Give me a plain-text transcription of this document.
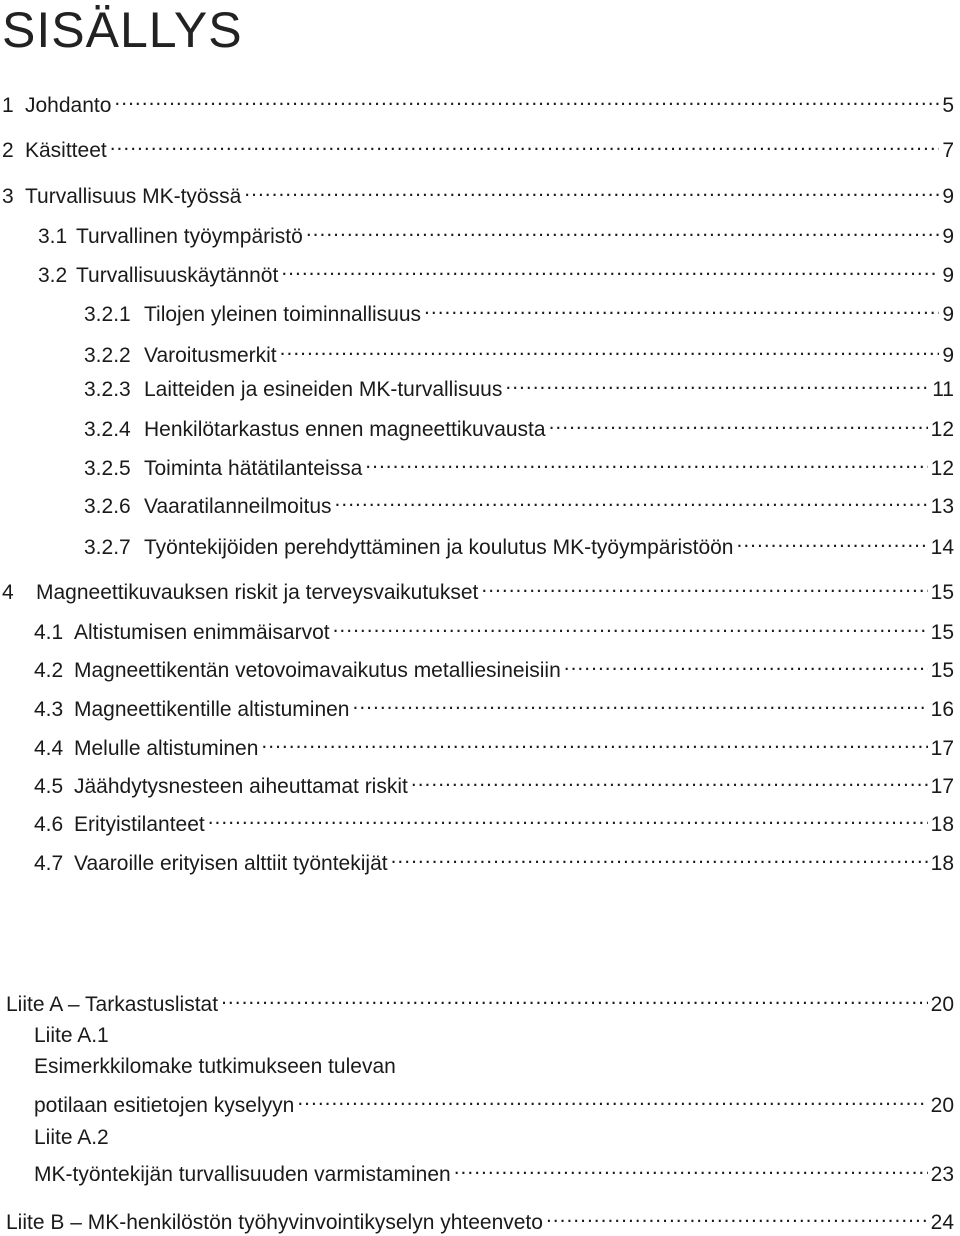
SISÄLLYS
1 Johdanto .....	5
2 Käsitteet .....	7
3 Turvallisuus MK-työssä .....	9
3.1 Turvallinen työympäristö .....	9
3.2 Turvallisuuskäytännöt .....	9
3.2.1 Tilojen yleinen toiminnallisuus .....	9
3.2.2 Varoitusmerkit .....	9
3.2.3 Laitteiden ja esineiden MK-turvallisuus .....	11
3.2.4 Henkilötarkastus ennen magneettikuvausta .....	12
3.2.5 Toiminta hätätilanteissa .....	12
3.2.6 Vaaratilanneilmoitus .....	13
3.2.7 Työntekijöiden perehdyttäminen ja koulutus MK-työympäristöön .....	14
4	Magneettikuvauksen riskit ja terveysvaikutukset .....	15
4.1 Altistumisen enimmäisarvot .....	15
4.2 Magneettikentän vetovoimavaikutus metalliesineisiin .....	15
4.3 Magneettikentille altistuminen .....	16
4.4 Melulle altistuminen .....	17
4.5 Jäähdytysnesteen aiheuttamat riskit .....	17
4.6 Erityistilanteet .....	18
4.7 Vaaroille erityisen alttiit työntekijät .....	18
Liite A – Tarkastuslistat .....	20
Liite A.1
Esimerkkilomake tutkimukseen tulevan
potilaan esitietojen kyselyyn .....	20
Liite A.2
MK-työntekijän turvallisuuden varmistaminen .....	23
Liite B – MK-henkilöstön työhyvinvointikyselyn yhteenveto .....	24
